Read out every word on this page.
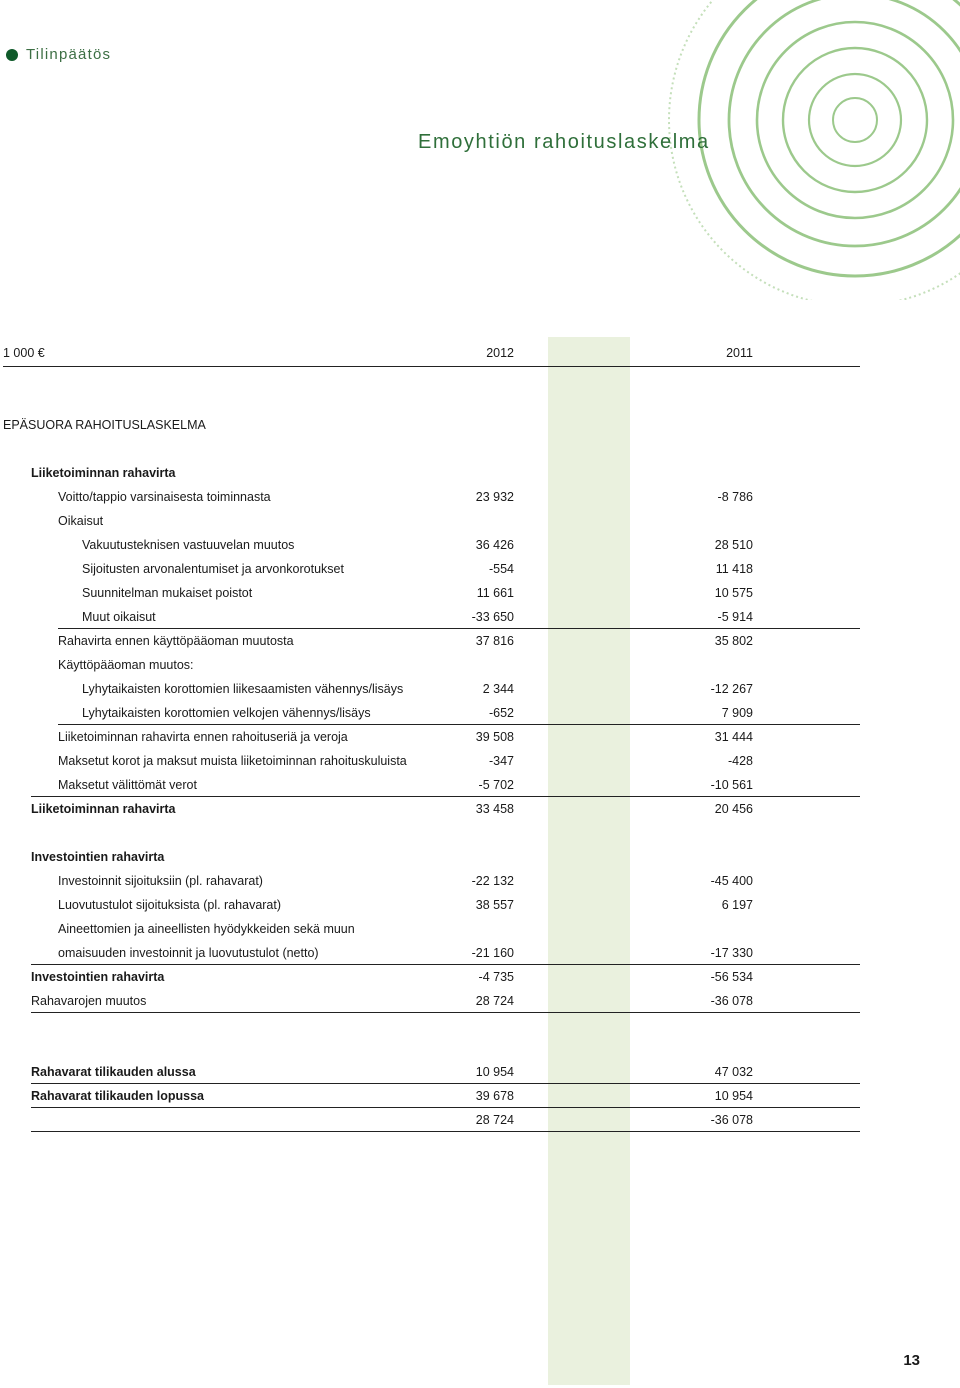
Tilinpäätös
Emoyhtiön rahoituslaskelma
1 000 €	2012	2011
EPÄSUORA RAHOITUSLASKELMA
Liiketoiminnan rahavirta
Voitto/tappio varsinaisesta toiminnasta	23 932	-8 786
Oikaisut
Vakuutusteknisen vastuuvelan muutos	36 426	28 510
Sijoitusten arvonalentumiset ja arvonkorotukset	-554	11 418
Suunnitelman mukaiset poistot	11 661	10 575
Muut oikaisut	-33 650	-5 914
Rahavirta ennen käyttöpääoman muutosta	37 816	35 802
Käyttöpääoman muutos:
Lyhytaikaisten korottomien liikesaamisten vähennys/lisäys	2 344	-12 267
Lyhytaikaisten korottomien velkojen vähennys/lisäys	-652	7 909
Liiketoiminnan rahavirta ennen rahoituseriä ja veroja	39 508	31 444
Maksetut korot ja maksut muista liiketoiminnan rahoituskuluista	-347	-428
Maksetut välittömät verot	-5 702	-10 561
Liiketoiminnan rahavirta	33 458	20 456
Investointien rahavirta
Investoinnit sijoituksiin (pl. rahavarat)	-22 132	-45 400
Luovutustulot sijoituksista (pl. rahavarat)	38 557	6 197
Aineettomien ja aineellisten hyödykkeiden sekä muun
omaisuuden investoinnit ja luovutustulot (netto)	-21 160	-17 330
Investointien rahavirta	-4 735	-56 534
Rahavarojen muutos	28 724	-36 078
Rahavarat tilikauden alussa	10 954	47 032
Rahavarat tilikauden lopussa	39 678	10 954
28 724	-36 078
13
